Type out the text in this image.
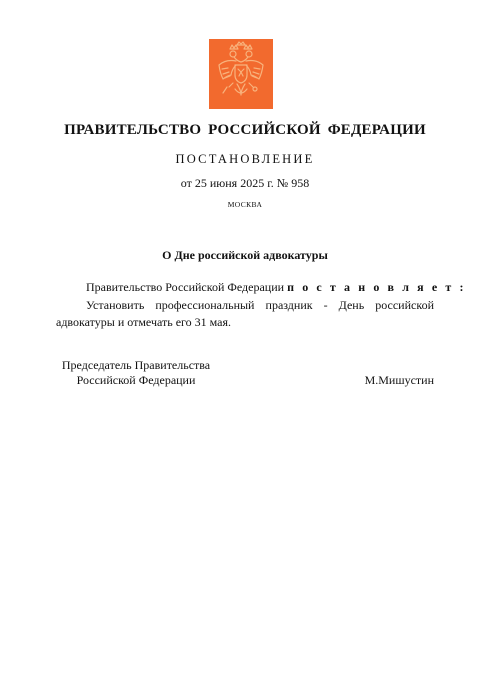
ПРАВИТЕЛЬСТВО РОССИЙСКОЙ ФЕДЕРАЦИИ
ПОСТАНОВЛЕНИЕ
от 25 июня 2025 г. № 958
МОСКВА
О Дне российской адвокатуры
Правительство Российской Федерации п о с т а н о в л я е т :

Установить профессиональный праздник - День российской адвокатуры и отмечать его 31 мая.

Председатель Правительства
Российской Федерации	М.Мишустин
